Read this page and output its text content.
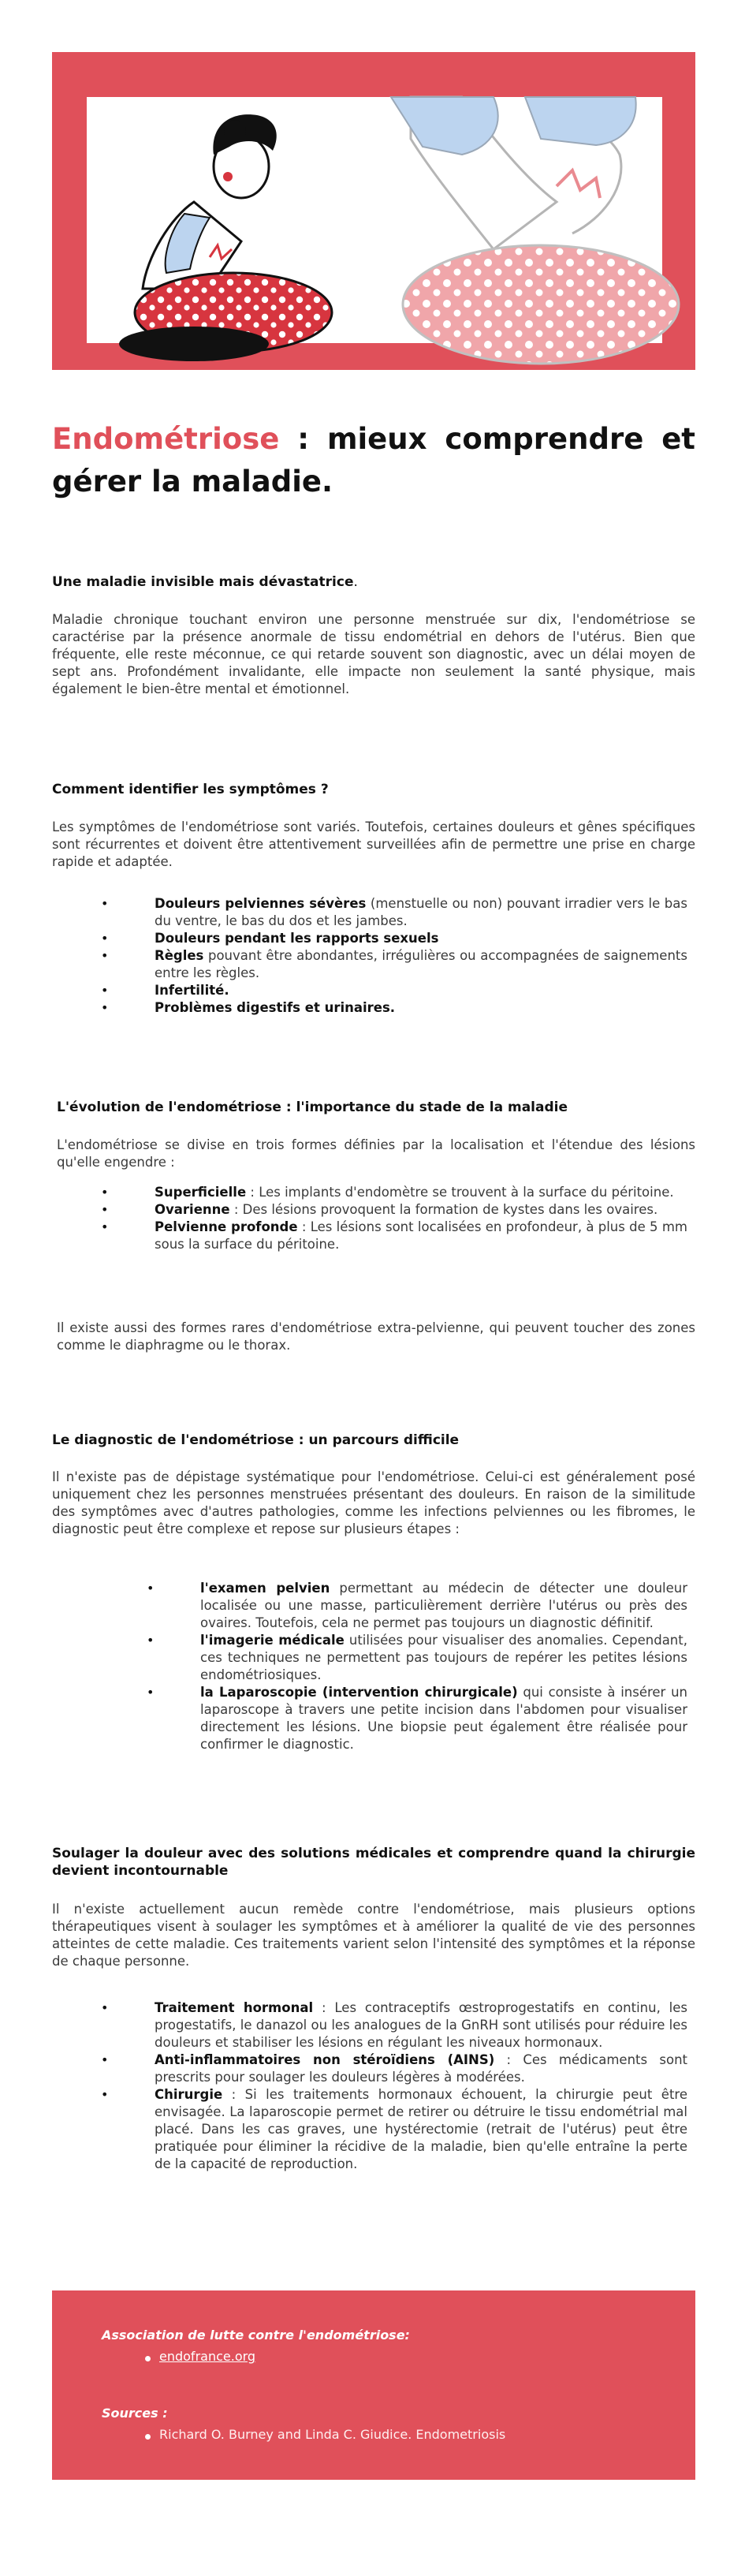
Endométriose : mieux comprendre et gérer la maladie.
Une maladie invisible mais dévastatrice.

Maladie chronique touchant environ une personne menstruée sur dix, l'endométriose se caractérise par la présence anormale de tissu endométrial en dehors de l'utérus. Bien que fréquente, elle reste méconnue, ce qui retarde souvent son diagnostic, avec un délai moyen de sept ans. Profondément invalidante, elle impacte non seulement la santé physique, mais également le bien-être mental et émotionnel.

Comment identifier les symptômes ?

Les symptômes de l'endométriose sont variés. Toutefois, certaines douleurs et gênes spécifiques sont récurrentes et doivent être attentivement surveillées afin de permettre une prise en charge rapide et adaptée.

• Douleurs pelviennes sévères (menstuelle ou non) pouvant irradier vers le bas du ventre, le bas du dos et les jambes.
• Douleurs pendant les rapports sexuels
• Règles pouvant être abondantes, irrégulières ou accompagnées de saignements entre les règles.
• Infertilité.
• Problèmes digestifs et urinaires.
L'évolution de l'endométriose : l'importance du stade de la maladie

L'endométriose se divise en trois formes définies par la localisation et l'étendue des lésions qu'elle engendre :

• Superficielle : Les implants d'endomètre se trouvent à la surface du péritoine.
• Ovarienne : Des lésions provoquent la formation de kystes dans les ovaires.
• Pelvienne profonde : Les lésions sont localisées en profondeur, à plus de 5 mm sous la surface du péritoine.

Il existe aussi des formes rares d'endométriose extra-pelvienne, qui peuvent toucher des zones comme le diaphragme ou le thorax.

Le diagnostic de l'endométriose : un parcours difficile

Il n'existe pas de dépistage systématique pour l'endométriose. Celui-ci est généralement posé uniquement chez les personnes menstruées présentant des douleurs. En raison de la similitude des symptômes avec d'autres pathologies, comme les infections pelviennes ou les fibromes, le diagnostic peut être complexe et repose sur plusieurs étapes :

• l'examen pelvien permettant au médecin de détecter une douleur localisée ou une masse, particulièrement derrière l'utérus ou près des ovaires. Toutefois, cela ne permet pas toujours un diagnostic définitif.
• l'imagerie médicale utilisées pour visualiser des anomalies. Cependant, ces techniques ne permettent pas toujours de repérer les petites lésions endométriosiques.
• la Laparoscopie (intervention chirurgicale) qui consiste à insérer un laparoscope à travers une petite incision dans l'abdomen pour visualiser directement les lésions. Une biopsie peut également être réalisée pour confirmer le diagnostic.
Soulager la douleur avec des solutions médicales et comprendre quand la chirurgie devient incontournable

Il n'existe actuellement aucun remède contre l'endométriose, mais plusieurs options thérapeutiques visent à soulager les symptômes et à améliorer la qualité de vie des personnes atteintes de cette maladie. Ces traitements varient selon l'intensité des symptômes et la réponse de chaque personne.

• Traitement hormonal : Les contraceptifs œstroprogestatifs en continu, les progestatifs, le danazol ou les analogues de la GnRH sont utilisés pour réduire les douleurs et stabiliser les lésions en régulant les niveaux hormonaux.
• Anti-inflammatoires non stéroïdiens (AINS) : Ces médicaments sont prescrits pour soulager les douleurs légères à modérées.
• Chirurgie : Si les traitements hormonaux échouent, la chirurgie peut être envisagée. La laparoscopie permet de retirer ou détruire le tissu endométrial mal placé. Dans les cas graves, une hystérectomie (retrait de l'utérus) peut être pratiquée pour éliminer la récidive de la maladie, bien qu'elle entraîne la perte de la capacité de reproduction.
Association de lutte contre l'endométriose:
endofrance.org
Sources :
Richard O. Burney and Linda C. Giudice. Endometriosis
